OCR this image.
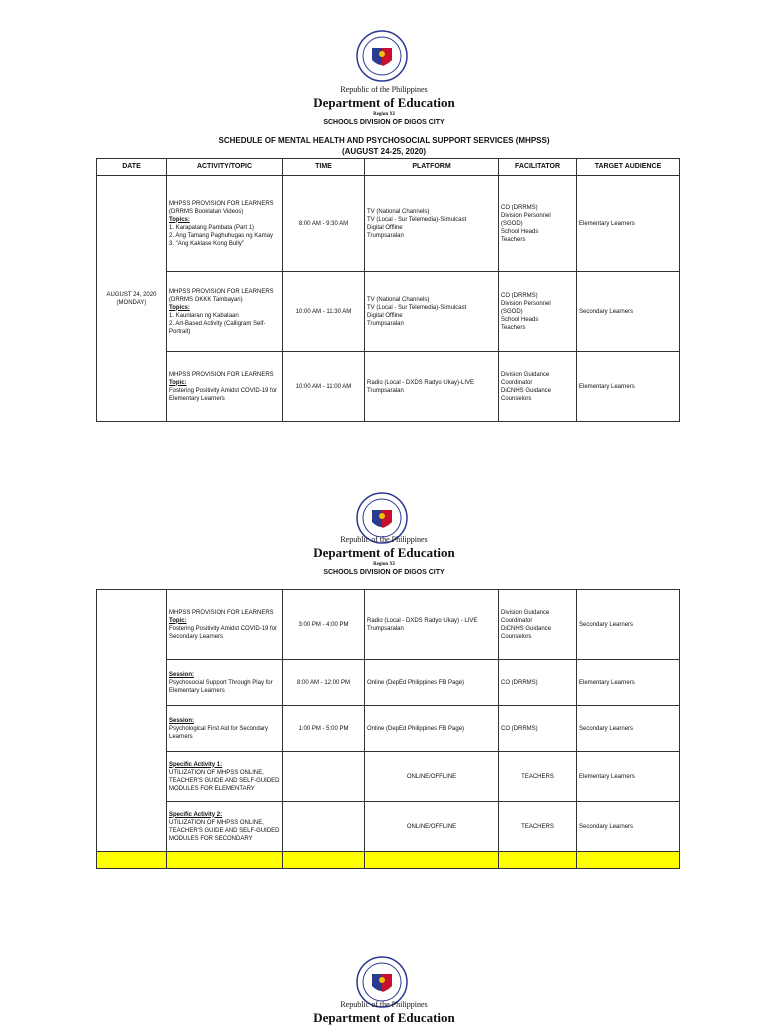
Republic of the Philippines
Department of Education
Region XI
SCHOOLS DIVISION OF DIGOS CITY
SCHEDULE OF MENTAL HEALTH AND PSYCHOSOCIAL SUPPORT SERVICES (MHPSS)
(AUGUST 24-25, 2020)
DATE	ACTIVITY/TOPIC	TIME	PLATFORM	FACILITATOR	TARGET AUDIENCE

AUGUST 24, 2020
(MONDAY)	MHPSS PROVISION FOR LEARNERS (DRRMS Booklatan Videos)
Topics:
1. Karapatang Pambata (Part 1)
2. Ang Tamang Paghuhugas ng Kamay
3. "Ang Kaklase Kong Bully"	8:00 AM - 9:30 AM	TV (National Channels)
TV (Local - Sur Telemedia)-Simulcast
Digital Offline
Trumpsaralan	CO (DRRMS)
Division Personnel (SGOD)
School Heads
Teachers	Elementary Learners

	MHPSS PROVISION FOR LEARNERS (DRRMS OKKK Tambayan)
Topics:
1. Kaunlaran ng Kabataan
2. Art-Based Activity (Calligram Self-Portrait)	10:00 AM - 11:30 AM	TV (National Channels)
TV (Local - Sur Telemedia)-Simulcast
Digital Offline
Trumpsaralan	CO (DRRMS)
Division Personnel (SGOD)
School Heads
Teachers	Secondary Learners

	MHPSS PROVISION FOR LEARNERS
Topic:
Fostering Positivity Amidst COVID-19 for Elementary Learners	10:00 AM - 11:00 AM	Radio (Local - DXDS Radyo Ukay)-LIVE
Trumpsaralan	Division Guidance Coordinator
DiCNHS Guidance Counselors	Elementary Learners
Republic of the Philippines
Department of Education
Region XI
SCHOOLS DIVISION OF DIGOS CITY

	MHPSS PROVISION FOR LEARNERS
Topic:
Fostering Positivity Amidst COVID-19 for Secondary Learners	3:00 PM - 4:00 PM	Radio (Local - DXDS Radyo Ukay) - LIVE
Trumpsaralan	Division Guidance Coordinator
DiCNHS Guidance Counselors	Secondary Learners

	Session:
Psychosocial Support Through Play for Elementary Learners	8:00 AM - 12:00 PM	Online (DepEd Philippines FB Page)	CO (DRRMS)	Elementary Learners

	Session:
Psychological First Aid for Secondary Learners	1:00 PM - 5:00 PM	Online (DepEd Philippines FB Page)	CO (DRRMS)	Secondary Learners

	Specific Activity 1:
UTILIZATION OF MHPSS ONLINE, TEACHER'S GUIDE AND SELF-GUIDED MODULES FOR ELEMENTARY		ONLINE/OFFLINE	TEACHERS	Elementary Learners

	Specific Activity 2:
UTILIZATION OF MHPSS ONLINE, TEACHER'S GUIDE AND SELF-GUIDED MODULES FOR SECONDARY		ONLINE/OFFLINE	TEACHERS	Secondary Learners

Republic of the Philippines
Department of Education
